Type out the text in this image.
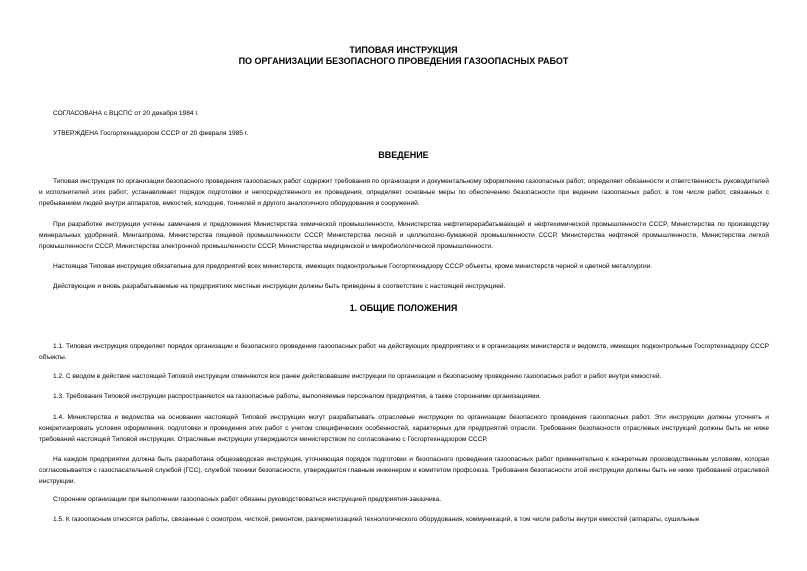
ТИПОВАЯ ИНСТРУКЦИЯ
ПО ОРГАНИЗАЦИИ БЕЗОПАСНОГО ПРОВЕДЕНИЯ ГАЗООПАСНЫХ РАБОТ
СОГЛАСОВАНА с ВЦСПС от 20 декабря 1984 г.
УТВЕРЖДЕНА Госгортехнадзором СССР от 20 февраля 1985 г.
ВВЕДЕНИЕ

Типовая инструкция по организации безопасного проведения газоопасных работ содержит требования по организации и документальному оформлению газоопасных работ; определяет обязанности и ответственность руководителей и исполнителей этих работ; устанавливает порядок подготовки и непосредственного их проведения; определяет основные меры по обеспечению безопасности при ведении газоопасных работ, в том числе работ, связанных с пребыванием людей внутри аппаратов, емкостей, колодцев, тоннелей и другого аналогичного оборудования и сооружений.

При разработке инструкции учтены замечания и предложения Министерства химической промышленности, Министерства нефтеперерабатывающей и нефтехимической промышленности СССР, Министерства по производству минеральных удобрений, Мингазпрома, Министерства пищевой промышленности СССР, Министерства лесной и целлюлозно-бумажной промышленности СССР, Министерства нефтяной промышленности, Министерства легкой промышленности СССР, Министерства электронной промышленности СССР, Министерства медицинской и микробиологической промышленности.

Настоящая Типовая инструкция обязательна для предприятий всех министерств, имеющих подконтрольные Госгортехнадзору СССР объекты, кроме министерств черной и цветной металлургии.

Действующие и вновь разрабатываемые на предприятиях местные инструкции должны быть приведены в соответствие с настоящей инструкцией.

1. ОБЩИЕ ПОЛОЖЕНИЯ

1.1. Типовая инструкция определяет порядок организации и безопасного проведения газоопасных работ на действующих предприятиях и в организациях министерств и ведомств, имеющих подконтрольные Госгортехнадзору СССР объекты.

1.2. С вводом в действие настоящей Типовой инструкции отменяются все ранее действовавшие инструкции по организации и безопасному проведению газоопасных работ и работ внутри емкостей.

1.3. Требования Типовой инструкции распространяются на газоопасные работы, выполняемые персоналом предприятия, а также сторонними организациями.

1.4. Министерства и ведомства на основании настоящей Типовой инструкции могут разрабатывать отраслевые инструкции по организации безопасного проведения газоопасных работ. Эти инструкции должны уточнять и конкретизировать условия оформления, подготовки и проведения этих работ с учетом специфических особенностей, характерных для предприятий отрасли. Требования безопасности отраслевых инструкций должны быть не ниже требований настоящей Типовой инструкции. Отраслевые инструкции утверждаются министерством по согласованию с Госгортехнадзором СССР.

На каждом предприятии должна быть разработана общезаводская инструкция, уточняющая порядок подготовки и безопасного проведения газоопасных работ применительно к конкретным производственным условиям, которая согласовывается с газоспасательной службой (ГСС), службой техники безопасности, утверждается главным инженером и комитетом профсоюза. Требования безопасности этой инструкции должны быть не ниже требований отраслевой инструкции.

Сторонние организации при выполнении газоопасных работ обязаны руководствоваться инструкцией предприятия-заказчика.

1.5. К газоопасным относятся работы, связанные с осмотром, чисткой, ремонтом, разгерметизацией технологического оборудования, коммуникаций, в том числе работы внутри емкостей (аппараты, сушильные
